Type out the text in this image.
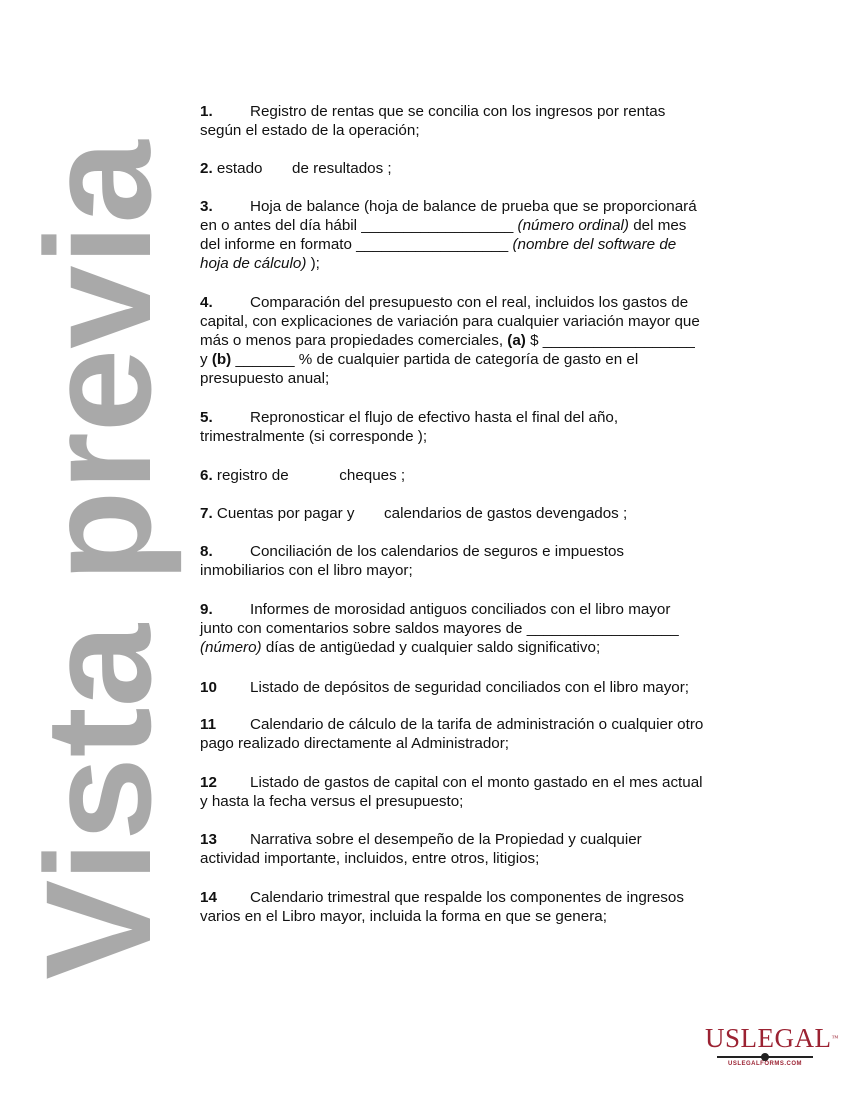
1. Registro de rentas que se concilia con los ingresos por rentas
según el estado de la operación;
2. estado       de resultados ;
3. Hoja de balance (hoja de balance de prueba que se proporcionará
en o antes del día hábil __________________ (número ordinal) del mes
del informe en formato __________________ (nombre del software de
hoja de cálculo) );
4. Comparación del presupuesto con el real, incluidos los gastos de
capital, con explicaciones de variación para cualquier variación mayor que
más o menos para propiedades comerciales, (a) $ __________________
y (b) _______ % de cualquier partida de categoría de gasto en el
presupuesto anual;
5. Repronosticar el flujo de efectivo hasta el final del año,
trimestralmente (si corresponde );
6. registro de            cheques ;
7. Cuentas por pagar y       calendarios de gastos devengados ;
8. Conciliación de los calendarios de seguros e impuestos
inmobiliarios con el libro mayor;
9. Informes de morosidad antiguos conciliados con el libro mayor
junto con comentarios sobre saldos mayores de __________________
(número) días de antigüedad y cualquier saldo significativo;
10 Listado de depósitos de seguridad conciliados con el libro mayor;
11 Calendario de cálculo de la tarifa de administración o cualquier otro
pago realizado directamente al Administrador;
12 Listado de gastos de capital con el monto gastado en el mes actual
y hasta la fecha versus el presupuesto;
13 Narrativa sobre el desempeño de la Propiedad y cualquier
actividad importante, incluidos, entre otros, litigios;
14 Calendario trimestral que respalde los componentes de ingresos
varios en el Libro mayor, incluida la forma en que se genera;
Vista previa
USLEGAL™
USLEGALFORMS.COM
